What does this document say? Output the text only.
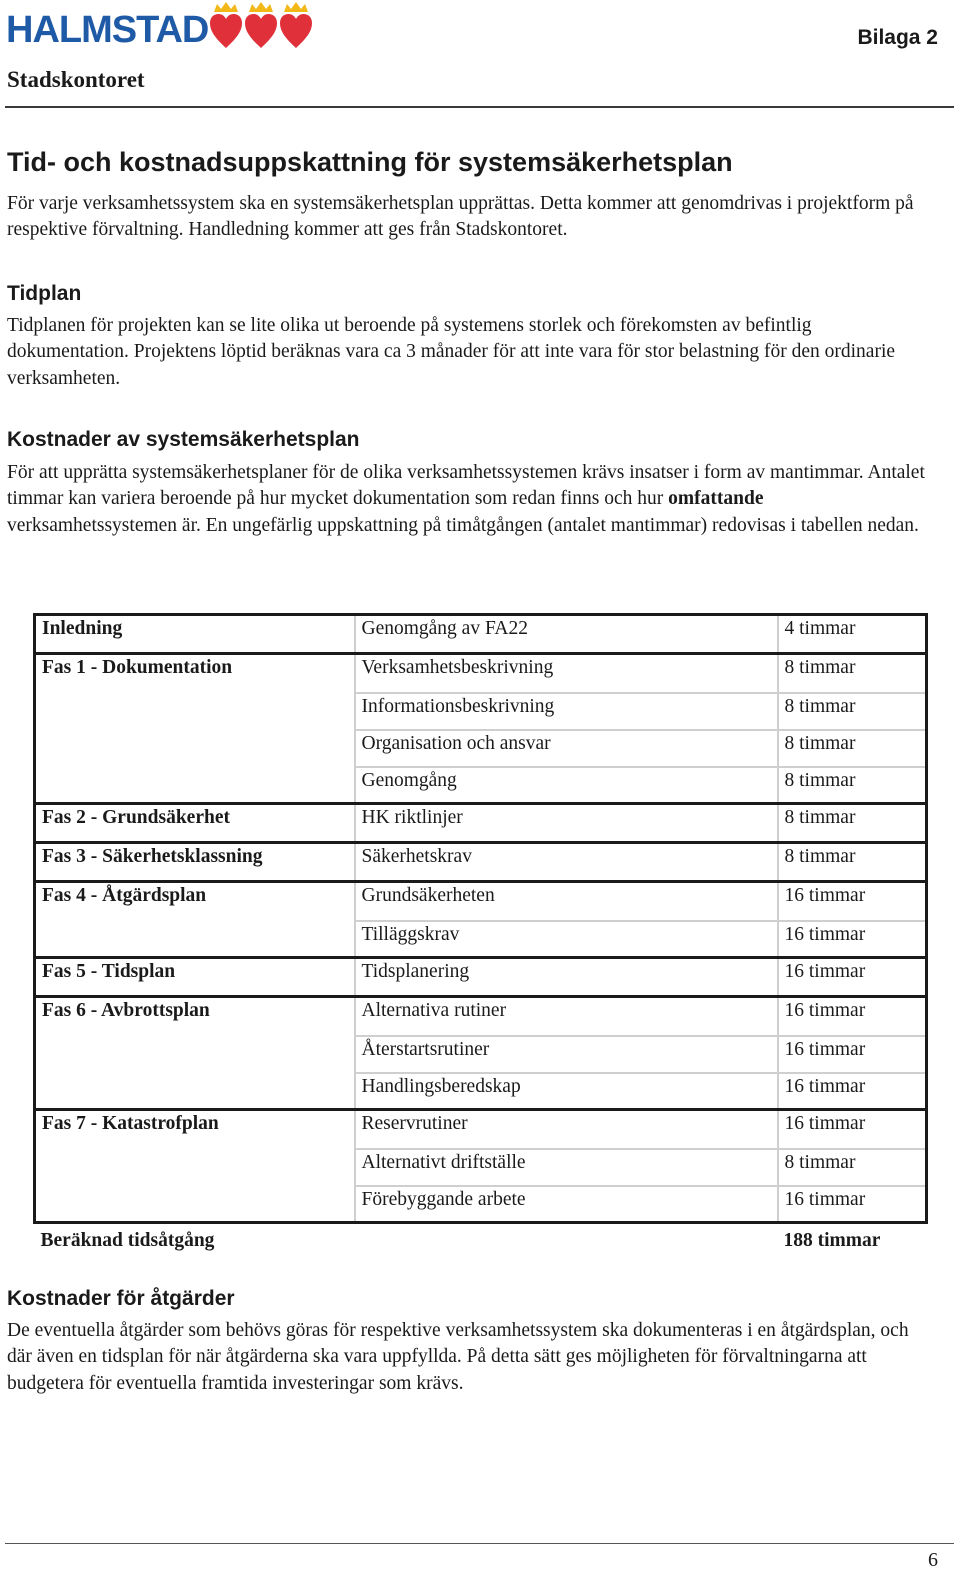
HALMSTAD
Stadskontoret
Bilaga 2
Tid- och kostnadsuppskattning för systemsäkerhetsplan

För varje verksamhetssystem ska en systemsäkerhetsplan upprättas. Detta kommer att genomdrivas i projektform på respektive förvaltning. Handledning kommer att ges från Stadskontoret.

Tidplan

Tidplanen för projekten kan se lite olika ut beroende på systemens storlek och förekomsten av befintlig dokumentation. Projektens löptid beräknas vara ca 3 månader för att inte vara för stor belastning för den ordinarie verksamheten.

Kostnader av systemsäkerhetsplan

För att upprätta systemsäkerhetsplaner för de olika verksamhetssystemen krävs insatser i form av mantimmar. Antalet timmar kan variera beroende på hur mycket dokumentation som redan finns och hur omfattande verksamhetssystemen är. En ungefärlig uppskattning på timåtgången (antalet mantimmar) redovisas i tabellen nedan.

Inledning	Genomgång av FA22	4 timmar
Fas 1 - Dokumentation	Verksamhetsbeskrivning	8 timmar
	Informationsbeskrivning	8 timmar
	Organisation och ansvar	8 timmar
	Genomgång	8 timmar
Fas 2 - Grundsäkerhet	HK riktlinjer	8 timmar
Fas 3 - Säkerhetsklassning	Säkerhetskrav	8 timmar
Fas 4 - Åtgärdsplan	Grundsäkerheten	16 timmar
	Tilläggskrav	16 timmar
Fas 5 - Tidsplan	Tidsplanering	16 timmar
Fas 6 - Avbrottsplan	Alternativa rutiner	16 timmar
	Återstartsrutiner	16 timmar
	Handlingsberedskap	16 timmar
Fas 7 - Katastrofplan	Reservrutiner	16 timmar
	Alternativt driftställe	8 timmar
	Förebyggande arbete	16 timmar
Beräknad tidsåtgång		188 timmar
Kostnader för åtgärder

De eventuella åtgärder som behövs göras för respektive verksamhetssystem ska dokumenteras i en åtgärdsplan, och där även en tidsplan för när åtgärderna ska vara uppfyllda. På detta sätt ges möjligheten för förvaltningarna att budgetera för eventuella framtida investeringar som krävs.

6
